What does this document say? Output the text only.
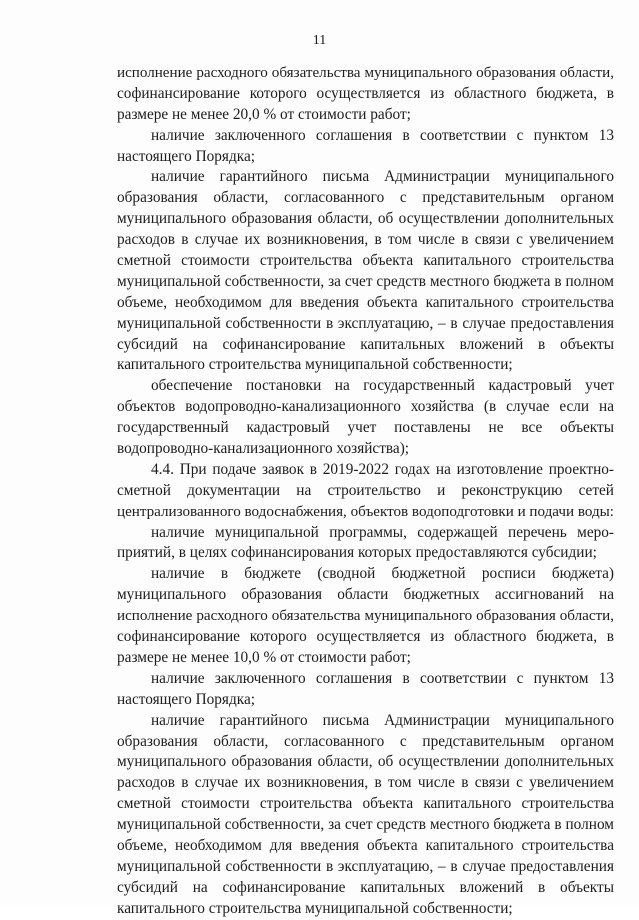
11
исполнение расходного обязательства муниципального образования области,
софинансирование которого осуществляется из областного бюджета, в
размере не менее 20,0 % от стоимости работ;
наличие заключенного соглашения в соответствии с пунктом 13
настоящего Порядка;
наличие гарантийного письма Администрации муниципального
образования области, согласованного с представительным органом
муниципального образования области, об осуществлении дополнительных
расходов в случае их возникновения, в том числе в связи с увеличением
сметной стоимости строительства объекта капитального строительства
муниципальной собственности, за счет средств местного бюджета в полном
объеме, необходимом для введения объекта капитального строительства
муниципальной собственности в эксплуатацию, – в случае предоставления
субсидий на софинансирование капитальных вложений в объекты
капитального строительства муниципальной собственности;
обеспечение постановки на государственный кадастровый учет
объектов водопроводно-канализационного хозяйства (в случае если на
государственный кадастровый учет поставлены не все объекты
водопроводно-канализационного хозяйства);
4.4. При подаче заявок в 2019-2022 годах на изготовление проектно-
сметной документации на строительство и реконструкцию сетей
централизованного водоснабжения, объектов водоподготовки и подачи воды:
наличие муниципальной программы, содержащей перечень меро-
приятий, в целях софинансирования которых предоставляются субсидии;
наличие в бюджете (сводной бюджетной росписи бюджета)
муниципального образования области бюджетных ассигнований на
исполнение расходного обязательства муниципального образования области,
софинансирование которого осуществляется из областного бюджета, в
размере не менее 10,0 % от стоимости работ;
наличие заключенного соглашения в соответствии с пунктом 13
настоящего Порядка;
наличие гарантийного письма Администрации муниципального
образования области, согласованного с представительным органом
муниципального образования области, об осуществлении дополнительных
расходов в случае их возникновения, в том числе в связи с увеличением
сметной стоимости строительства объекта капитального строительства
муниципальной собственности, за счет средств местного бюджета в полном
объеме, необходимом для введения объекта капитального строительства
муниципальной собственности в эксплуатацию, – в случае предоставления
субсидий на софинансирование капитальных вложений в объекты
капитального строительства муниципальной собственности;
